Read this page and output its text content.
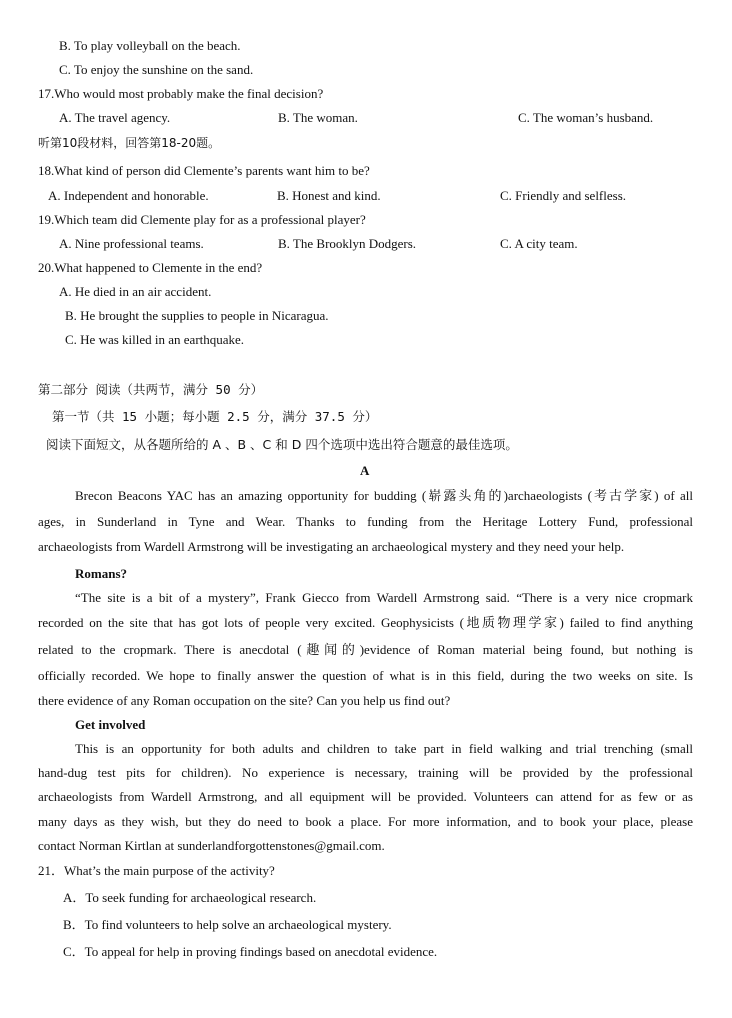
B. To play volleyball on the beach.
C. To enjoy the sunshine on the sand.
17.Who would most probably make the final decision?
A. The travel agency.	B. The woman.	C. The woman’s husband.
听第10段材料，回答第18-20题。
18.What kind of person did Clemente’s parents want him to be?
A. Independent and honorable.	B. Honest and kind.	C. Friendly and selfless.
19.Which team did Clemente play for as a professional player?
A. Nine professional teams.	B. The Brooklyn Dodgers.	C. A city team.
20.What happened to Clemente in the end?
A. He died in an air accident.
B. He brought the supplies to people in Nicaragua.
C. He was killed in an earthquake.
第二部分 阅读（共两节，满分 50 分）
第一节（共 15 小题；每小题 2.5 分，满分 37.5 分）
阅读下面短文，从各题所给的 A 、B 、C 和 D 四个选项中选出符合题意的最佳选项。
A
Brecon Beacons YAC has an amazing opportunity for budding (崭露头角的)archaeologists (考古学家) of all
ages, in Sunderland in Tyne and Wear. Thanks to funding from the Heritage Lottery Fund, professional
archaeologists from Wardell Armstrong will be investigating an archaeological mystery and they need your help.
Romans?
“The site is a bit of a mystery”, Frank Giecco from Wardell Armstrong said. “There is a very nice cropmark
recorded on the site that has got lots of people very excited. Geophysicists (地质物理学家) failed to find anything
related to the cropmark. There is anecdotal (趣闻的)evidence of Roman material being found, but nothing is
officially recorded. We hope to finally answer the question of what is in this field, during the two weeks on site. Is
there evidence of any Roman occupation on the site? Can you help us find out?
Get involved
This is an opportunity for both adults and children to take part in field walking and trial trenching (small
hand-dug test pits for children). No experience is necessary, training will be provided by the professional
archaeologists from Wardell Armstrong, and all equipment will be provided. Volunteers can attend for as few or as
many days as they wish, but they do need to book a place. For more information, and to book your place, please
contact Norman Kirtlan at sunderlandforgottenstones@gmail.com.
21．What’s the main purpose of the activity?
A．To seek funding for archaeological research.
B．To find volunteers to help solve an archaeological mystery.
C．To appeal for help in proving findings based on anecdotal evidence.
